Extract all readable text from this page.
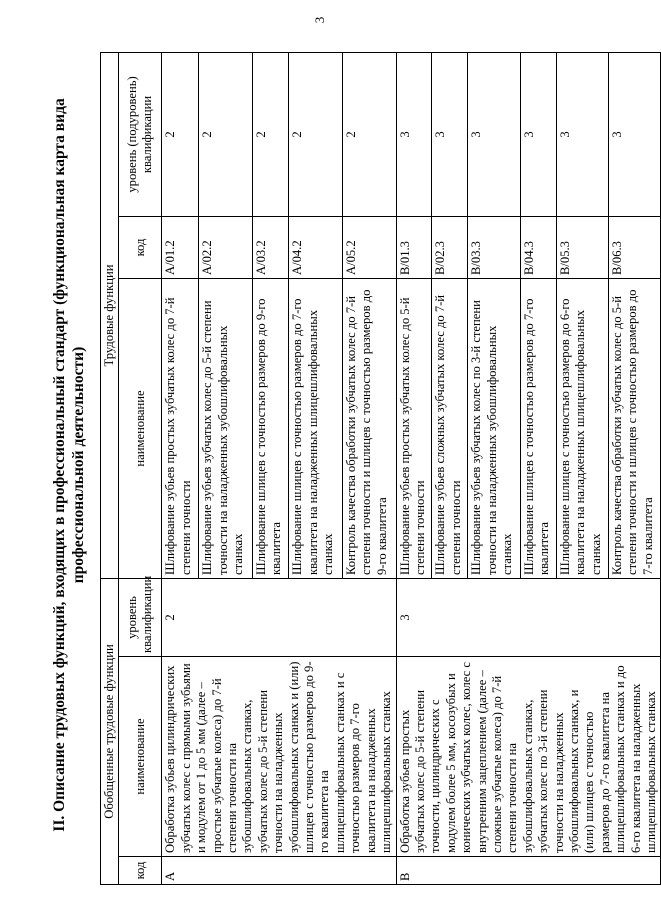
3
II. Описание трудовых функций, входящих в профессиональный стандарт (функциональная карта вида профессиональной деятельности)
Обобщенные трудовые функции			Трудовые функции		
код	наименование	уровень квалификации	наименование	код	уровень (подуровень) квалификации
A	Обработка зубьев цилиндрических зубчатых колес с прямыми зубьями и модулем от 1 до 5 мм (далее – простые зубчатые колеса) до 7-й степени точности на зубошлифовальных станках, зубчатых колес до 5-й степени точности на наладженных зубошлифовальных станках и (или) шлицев с точностью размеров до 9-го квалитета на шлицешлифовальных станках и с точностью размеров до 7-го квалитета на наладженных шлицешлифовальных станках	2	Шлифование зубьев простых зубчатых колес до 7-й степени точности	A/01.2	2
			Шлифование зубьев зубчатых колес до 5-й степени точности на наладженных зубошлифовальных станках	A/02.2	2
			Шлифование шлицев с точностью размеров до 9-го квалитета	A/03.2	2
			Шлифование шлицев с точностью размеров до 7-го квалитета на наладженных шлицешлифовальных станках	A/04.2	2
			Контроль качества обработки зубчатых колес до 7-й степени точности и шлицев с точностью размеров до 9-го квалитета	A/05.2	2
B	Обработка зубьев простых зубчатых колес до 5-й степени точности, цилиндрических с модулем более 5 мм, косозубых и конических зубчатых колес, колес с внутренним зацеплением (далее – сложные зубчатые колеса) до 7-й степени точности на зубошлифовальных станках, зубчатых колес по 3-й степени точности на наладженных зубошлифовальных станках, и (или) шлицев с точностью размеров до 7-го квалитета на шлицешлифовальных станках и до 6-го квалитета на наладженных шлицешлифовальных станках	3	Шлифование зубьев простых зубчатых колес до 5-й степени точности	B/01.3	3
			Шлифование зубьев сложных зубчатых колес до 7-й степени точности	B/02.3	3
			Шлифование зубьев зубчатых колес по 3-й степени точности на наладженных зубошлифовальных станках	B/03.3	3
			Шлифование шлицев с точностью размеров до 7-го квалитета	B/04.3	3
			Шлифование шлицев с точностью размеров до 6-го квалитета на наладженных шлицешлифовальных станках	B/05.3	3
			Контроль качества обработки зубчатых колес до 5-й степени точности и шлицев с точностью размеров до 7-го квалитета	B/06.3	3
